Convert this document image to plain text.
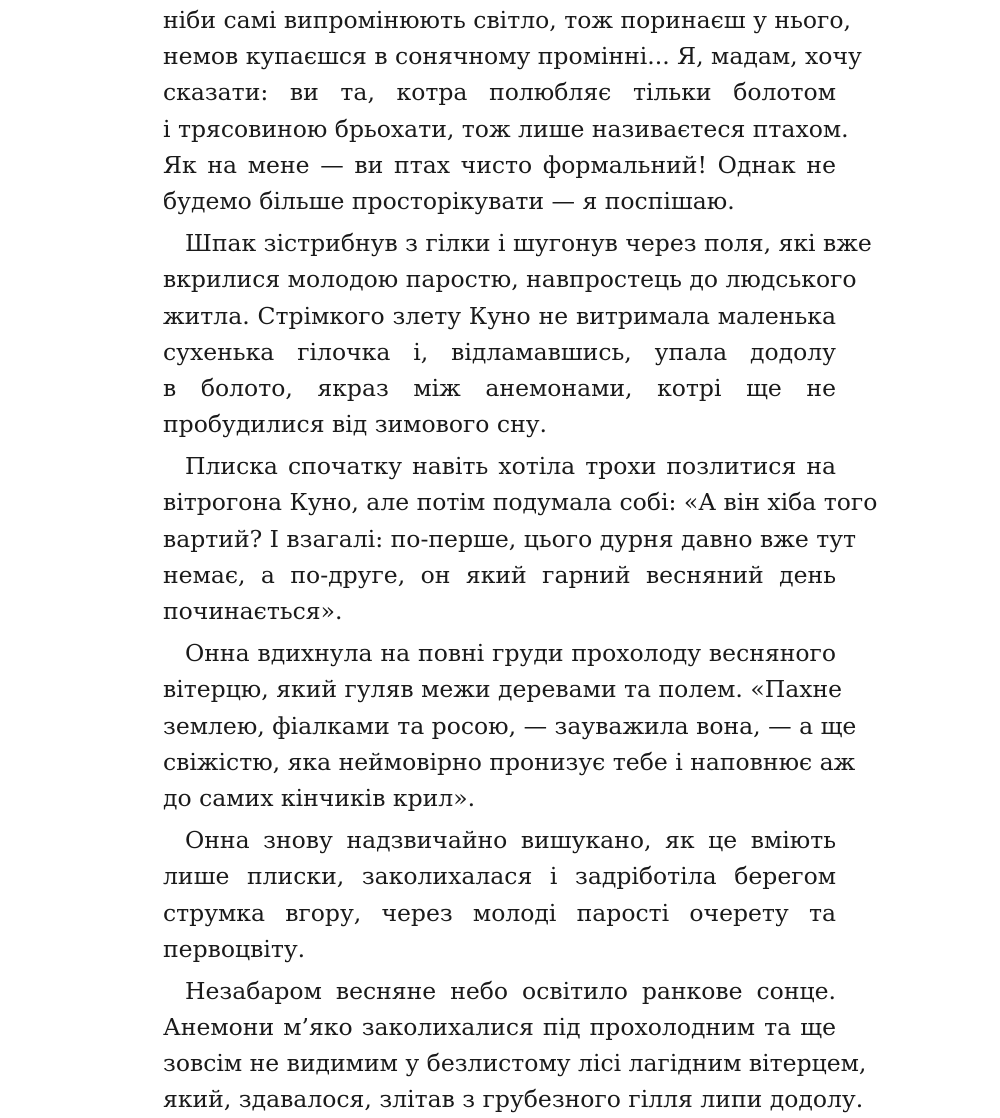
ніби самі випромінюють світло, тож поринаєш у нього,
немов купаєшся в сонячному промінні... Я, мадам, хочу
сказати: ви та, котра полюбляє тільки болотом
і трясовиною брьохати, тож лише називаєтеся птахом.
Як на мене — ви птах чисто формальний! Однак не
будемо більше просторікувати — я поспішаю.
Шпак зістрибнув з гілки і шугонув через поля, які вже
вкрилися молодою паростю, навпростець до людського
житла. Стрімкого злету Куно не витримала маленька
сухенька гілочка і, відламавшись, упала додолу
в болото, якраз між анемонами, котрі ще не
пробудилися від зимового сну.
Плиска спочатку навіть хотіла трохи позлитися на
вітрогона Куно, але потім подумала собі: «А він хіба того
вартий? І взагалі: по-перше, цього дурня давно вже тут
немає, а по-друге, он який гарний весняний день
починається».
Онна вдихнула на повні груди прохолоду весняного
вітерцю, який гуляв межи деревами та полем. «Пахне
землею, фіалками та росою, — зауважила вона, — а ще
свіжістю, яка неймовірно пронизує тебе і наповнює аж
до самих кінчиків крил».
Онна знову надзвичайно вишукано, як це вміють
лише плиски, заколихалася і задріботіла берегом
струмка вгору, через молоді паростi очерету та
первоцвіту.
Незабаром весняне небо освітило ранкове сонце.
Анемони м’яко заколихалися під прохолодним та ще
зовсім не видимим у безлистому лісі лагідним вітерцем,
який, здавалося, злітав з грубезного гілля липи додолу.
